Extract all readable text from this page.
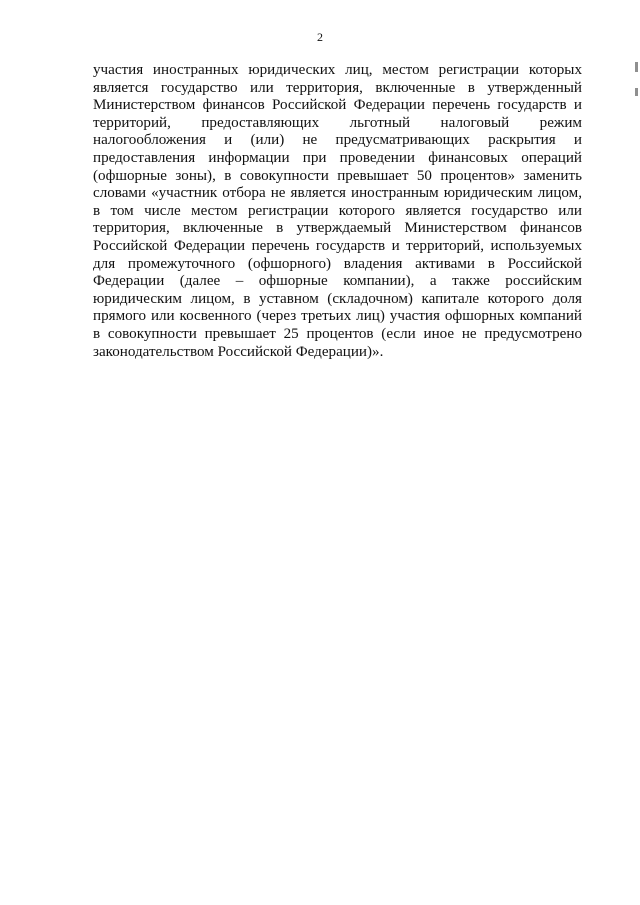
2

участия иностранных юридических лиц, местом регистрации которых является государство или территория, включенные в утвержденный Министерством финансов Российской Федерации перечень государств и территорий, предоставляющих льготный налоговый режим налогообложения и (или) не предусматривающих раскрытия и предоставления информации при проведении финансовых операций (офшорные зоны), в совокупности превышает 50 процентов» заменить словами «участник отбора не является иностранным юридическим лицом, в том числе местом регистрации которого является государство или территория, включенные в утверждаемый Министерством финансов Российской Федерации перечень государств и территорий, используемых для промежуточного (офшорного) владения активами в Российской Федерации (далее – офшорные компании), а также российским юридическим лицом, в уставном (складочном) капитале которого доля прямого или косвенного (через третьих лиц) участия офшорных компаний в совокупности превышает 25 процентов (если иное не предусмотрено законодательством Российской Федерации)».
